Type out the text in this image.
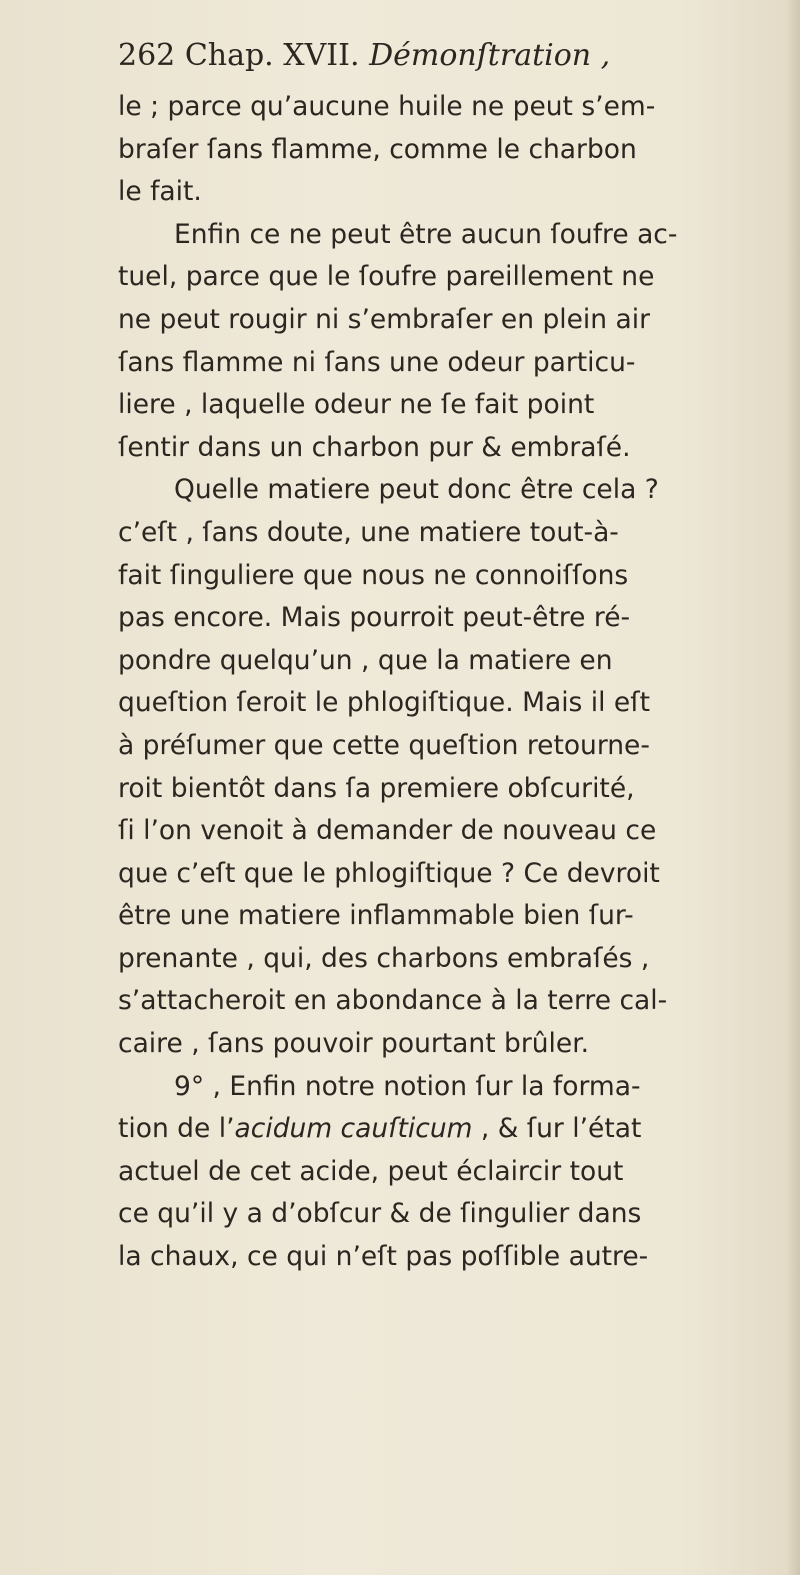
262 Chap. XVII. Démonſtration ,
le ; parce qu’aucune huile ne peut s’em-
braſer ſans flamme, comme le charbon
le fait.
Enfin ce ne peut être aucun ſoufre ac-
tuel, parce que le ſoufre pareillement ne
ne peut rougir ni s’embraſer en plein air
ſans flamme ni ſans une odeur particu-
liere , laquelle odeur ne ſe fait point
ſentir dans un charbon pur & embraſé.
Quelle matiere peut donc être cela ?
c’eſt , ſans doute, une matiere tout-à-
fait ſinguliere que nous ne connoiſſons
pas encore. Mais pourroit peut-être ré-
pondre quelqu’un , que la matiere en
queſtion ſeroit le phlogiſtique. Mais il eſt
à préſumer que cette queſtion retourne-
roit bientôt dans ſa premiere obſcurité,
ſi l’on venoit à demander de nouveau ce
que c’eſt que le phlogiſtique ? Ce devroit
être une matiere inflammable bien ſur-
prenante , qui, des charbons embraſés ,
s’attacheroit en abondance à la terre cal-
caire , ſans pouvoir pourtant brûler.
9° , Enfin notre notion ſur la forma-
tion de l’acidum cauſticum , & ſur l’état
actuel de cet acide, peut éclaircir tout
ce qu’il y a d’obſcur & de ſingulier dans
la chaux, ce qui n’eſt pas poſſible autre-
